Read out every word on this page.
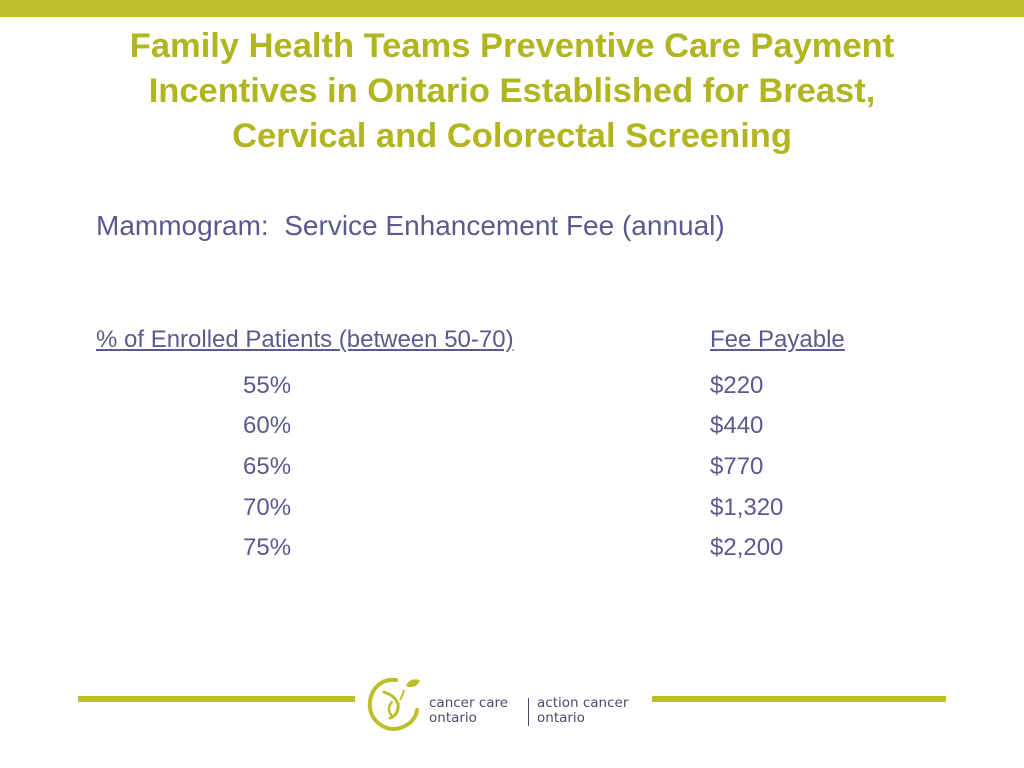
Family Health Teams Preventive Care Payment
Incentives in Ontario Established for Breast,
Cervical and Colorectal Screening
Mammogram:  Service Enhancement Fee (annual)
% of Enrolled Patients (between 50-70)	Fee Payable
55%	$220
60%	$440
65%	$770
70%	$1,320
75%	$2,200
cancer care
ontario
action cancer
ontario
